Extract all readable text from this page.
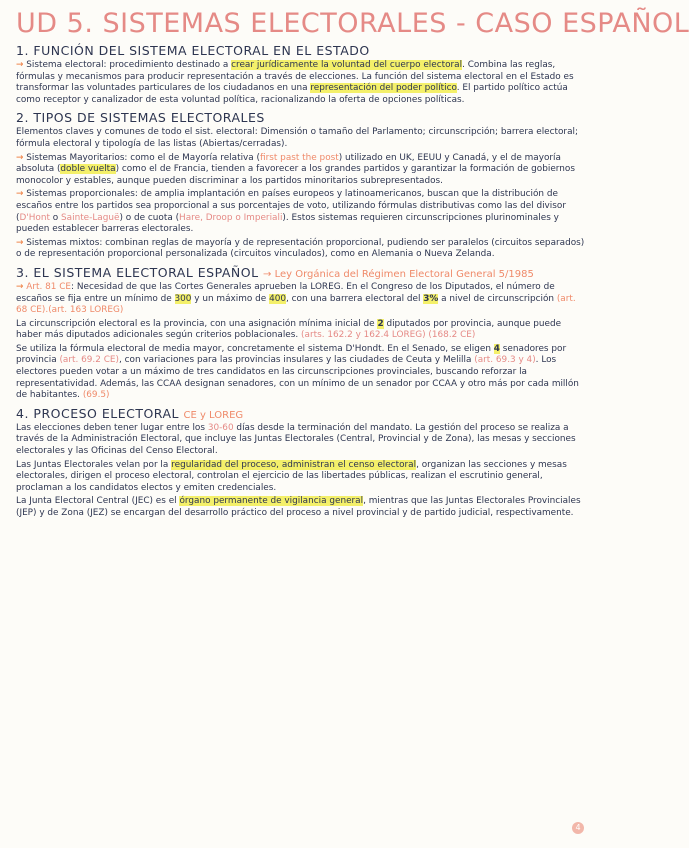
UD 5. SISTEMAS ELECTORALES - CASO ESPAÑOL
1. FUNCIÓN DEL SISTEMA ELECTORAL EN EL ESTADO

→ Sistema electoral: procedimiento destinado a crear jurídicamente la voluntad del cuerpo electoral. Combina las reglas, fórmulas y mecanismos para producir representación a través de elecciones. La función del sistema electoral en el Estado es transformar las voluntades particulares de los ciudadanos en una representación del poder político. El partido político actúa como receptor y canalizador de esta voluntad política, racionalizando la oferta de opciones políticas.

2. TIPOS DE SISTEMAS ELECTORALES

Elementos claves y comunes de todo el sist. electoral: Dimensión o tamaño del Parlamento; circunscripción; barrera electoral; fórmula electoral y tipología de las listas (Abiertas/cerradas).

→ Sistemas Mayoritarios: como el de Mayoría relativa (first past the post) utilizado en UK, EEUU y Canadá, y el de mayoría absoluta (doble vuelta) como el de Francia, tienden a favorecer a los grandes partidos y garantizar la formación de gobiernos monocolor y estables, aunque pueden discriminar a los partidos minoritarios subrepresentados.

→ Sistemas proporcionales: de amplia implantación en países europeos y latinoamericanos, buscan que la distribución de escaños entre los partidos sea proporcional a sus porcentajes de voto, utilizando fórmulas distributivas como las del divisor (D'Hont o Sainte-Laguë) o de cuota (Hare, Droop o Imperiali). Estos sistemas requieren circunscripciones plurinominales y pueden establecer barreras electorales.

→ Sistemas mixtos: combinan reglas de mayoría y de representación proporcional, pudiendo ser paralelos (circuitos separados) o de representación proporcional personalizada (circuitos vinculados), como en Alemania o Nueva Zelanda.

3. EL SISTEMA ELECTORAL ESPAÑOL → Ley Orgánica del Régimen Electoral General 5/1985

→ Art. 81 CE: Necesidad de que las Cortes Generales aprueben la LOREG. En el Congreso de los Diputados, el número de escaños se fija entre un mínimo de 300 y un máximo de 400, con una barrera electoral del 3% a nivel de circunscripción (art. 68 CE).(art. 163 LOREG)

La circunscripción electoral es la provincia, con una asignación mínima inicial de 2 diputados por provincia, aunque puede haber más diputados adicionales según criterios poblacionales. (arts. 162.2 y 162.4 LOREG) (168.2 CE)

Se utiliza la fórmula electoral de media mayor, concretamente el sistema D'Hondt. En el Senado, se eligen 4 senadores por provincia (art. 69.2 CE), con variaciones para las provincias insulares y las ciudades de Ceuta y Melilla (art. 69.3 y 4). Los electores pueden votar a un máximo de tres candidatos en las circunscripciones provinciales, buscando reforzar la representatividad. Además, las CCAA designan senadores, con un mínimo de un senador por CCAA y otro más por cada millón de habitantes. (69.5)

4. PROCESO ELECTORAL CE y LOREG

Las elecciones deben tener lugar entre los 30-60 días desde la terminación del mandato. La gestión del proceso se realiza a través de la Administración Electoral, que incluye las Juntas Electorales (Central, Provincial y de Zona), las mesas y secciones electorales y las Oficinas del Censo Electoral.

Las Juntas Electorales velan por la regularidad del proceso, administran el censo electoral, organizan las secciones y mesas electorales, dirigen el proceso electoral, controlan el ejercicio de las libertades públicas, realizan el escrutinio general, proclaman a los candidatos electos y emiten credenciales.

La Junta Electoral Central (JEC) es el órgano permanente de vigilancia general, mientras que las Juntas Electorales Provinciales (JEP) y de Zona (JEZ) se encargan del desarrollo práctico del proceso a nivel provincial y de partido judicial, respectivamente.

4
